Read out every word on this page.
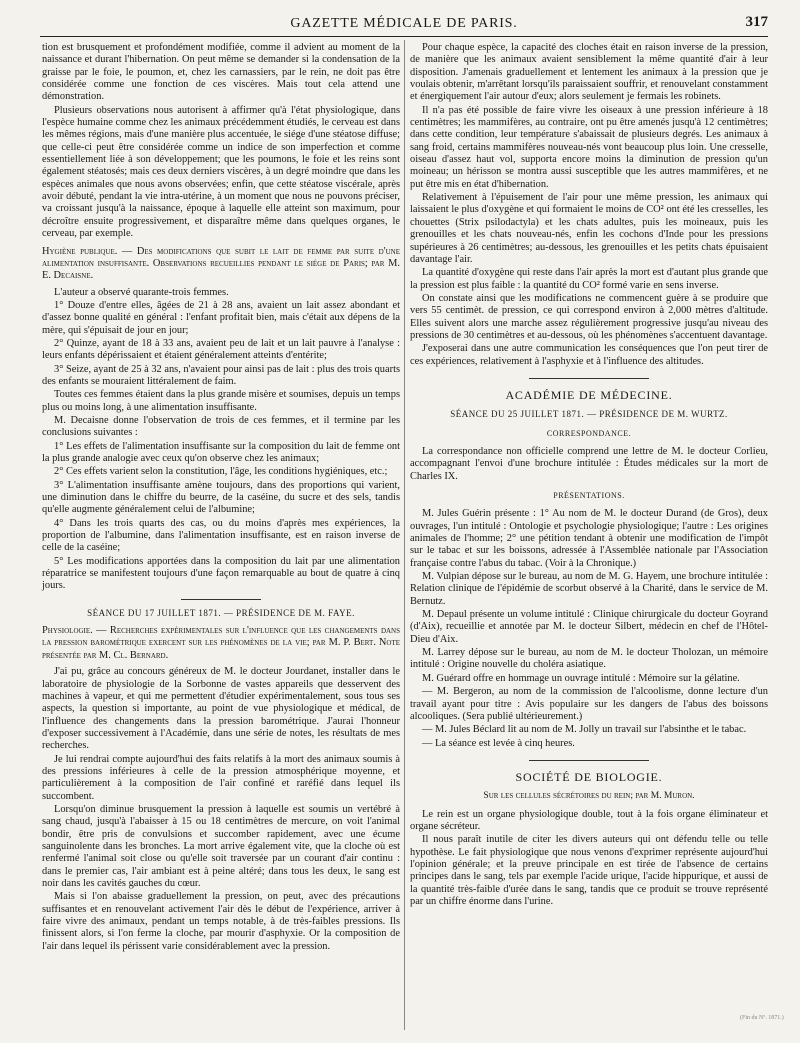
GAZETTE MÉDICALE DE PARIS.	317

tion est brusquement et profondément modifiée, comme il advient au moment de la naissance et durant l'hibernation. On peut même se demander si la condensation de la graisse par le foie, le poumon, et, chez les carnassiers, par le rein, ne doit pas être considérée comme une fonction de ces viscères. Mais tout cela attend une démonstration.

Plusieurs observations nous autorisent à affirmer qu'à l'état physiologique, dans l'espèce humaine comme chez les animaux précédemment étudiés, le cerveau est dans les mêmes régions, mais d'une manière plus accentuée, le siége d'une stéatose diffuse; que celle-ci peut être considérée comme un indice de son imperfection et comme essentiellement liée à son développement; que les poumons, le foie et les reins sont également stéatosés; mais ces deux derniers viscères, à un degré moindre que dans les espèces animales que nous avons observées; enfin, que cette stéatose viscérale, après avoir débuté, pendant la vie intra-utérine, à un moment que nous ne pouvons préciser, va croissant jusqu'à la naissance, époque à laquelle elle atteint son maximum, pour décroître ensuite progressivement, et disparaître même dans quelques organes, le cerveau, par exemple.

Hygiène publique. — Des modifications que subit le lait de femme par suite d'une alimentation insuffisante. Observations recueillies pendant le siége de Paris; par M. E. Decaisne.

L'auteur a observé quarante-trois femmes.

1° Douze d'entre elles, âgées de 21 à 28 ans, avaient un lait assez abondant et d'assez bonne qualité en général : l'enfant profitait bien, mais c'était aux dépens de la mère, qui s'épuisait de jour en jour;

2° Quinze, ayant de 18 à 33 ans, avaient peu de lait et un lait pauvre à l'analyse : leurs enfants dépérissaient et étaient généralement atteints d'entérite;

3° Seize, ayant de 25 à 32 ans, n'avaient pour ainsi pas de lait : plus des trois quarts des enfants se mouraient littéralement de faim.

Toutes ces femmes étaient dans la plus grande misère et soumises, depuis un temps plus ou moins long, à une alimentation insuffisante.

M. Decaisne donne l'observation de trois de ces femmes, et il termine par les conclusions suivantes :

1° Les effets de l'alimentation insuffisante sur la composition du lait de femme ont la plus grande analogie avec ceux qu'on observe chez les animaux;

2° Ces effets varient selon la constitution, l'âge, les conditions hygiéniques, etc.;

3° L'alimentation insuffisante amène toujours, dans des proportions qui varient, une diminution dans le chiffre du beurre, de la caséine, du sucre et des sels, tandis qu'elle augmente généralement celui de l'albumine;

4° Dans les trois quarts des cas, ou du moins d'après mes expériences, la proportion de l'albumine, dans l'alimentation insuffisante, est en raison inverse de celle de la caséine;

5° Les modifications apportées dans la composition du lait par une alimentation réparatrice se manifestent toujours d'une façon remarquable au bout de quatre à cinq jours.

SÉANCE DU 17 JUILLET 1871. — PRÉSIDENCE DE M. FAYE.

Physiologie. — Recherches expérimentales sur l'influence que les changements dans la pression barométrique exercent sur les phénomènes de la vie; par M. P. Bert. Note présentée par M. Cl. Bernard.

J'ai pu, grâce au concours généreux de M. le docteur Jourdanet, installer dans le laboratoire de physiologie de la Sorbonne de vastes appareils que desservent des machines à vapeur, et qui me permettent d'étudier expérimentalement, sous tous ses aspects, la question si importante, au point de vue physiologique et médical, de l'influence des changements dans la pression barométrique. J'aurai l'honneur d'exposer successivement à l'Académie, dans une série de notes, les résultats de mes recherches.

Je lui rendrai compte aujourd'hui des faits relatifs à la mort des animaux soumis à des pressions inférieures à celle de la pression atmosphérique moyenne, et particulièrement à la composition de l'air confiné et raréfié dans lequel ils succombent.

Lorsqu'on diminue brusquement la pression à laquelle est soumis un vertébré à sang chaud, jusqu'à l'abaisser à 15 ou 18 centimètres de mercure, on voit l'animal bondir, être pris de convulsions et succomber rapidement, avec une écume sanguinolente dans les bronches. La mort arrive également vite, que la cloche où est renfermé l'animal soit close ou qu'elle soit traversée par un courant d'air continu : dans le premier cas, l'air ambiant est à peine altéré; dans tous les deux, le sang est noir dans les cavités gauches du cœur.

Mais si l'on abaisse graduellement la pression, on peut, avec des précautions suffisantes et en renouvelant activement l'air dès le début de l'expérience, arriver à faire vivre des animaux, pendant un temps notable, à de très-faibles pressions. Ils finissent alors, si l'on ferme la cloche, par mourir d'asphyxie. Or la composition de l'air dans lequel ils périssent varie considérablement avec la pression.

Pour chaque espèce, la capacité des cloches était en raison inverse de la pression, de manière que les animaux avaient sensiblement la même quantité d'air à leur disposition. J'amenais graduellement et lentement les animaux à la pression que je voulais obtenir, m'arrêtant lorsqu'ils paraissaient souffrir, et renouvelant constamment et énergiquement l'air autour d'eux; alors seulement je fermais les robinets.

Il n'a pas été possible de faire vivre les oiseaux à une pression inférieure à 18 centimètres; les mammifères, au contraire, ont pu être amenés jusqu'à 12 centimètres; dans cette condition, leur température s'abaissait de plusieurs degrés. Les animaux à sang froid, certains mammifères nouveau-nés vont beaucoup plus loin. Une cresselle, oiseau d'assez haut vol, supporta encore moins la diminution de pression qu'un moineau; un hérisson se montra aussi susceptible que les autres mammifères, et ne put être mis en état d'hibernation.

Relativement à l'épuisement de l'air pour une même pression, les animaux qui laissaient le plus d'oxygène et qui formaient le moins de CO² ont été les cresselles, les chouettes (Strix psilodactyla) et les chats adultes, puis les moineaux, puis les grenouilles et les chats nouveau-nés, enfin les cochons d'Inde pour les pressions supérieures à 26 centimètres; au-dessous, les grenouilles et les petits chats épuisaient davantage l'air.

La quantité d'oxygène qui reste dans l'air après la mort est d'autant plus grande que la pression est plus faible : la quantité du CO² formé varie en sens inverse.

On constate ainsi que les modifications ne commencent guère à se produire que vers 55 centimèt. de pression, ce qui correspond environ à 2,000 mètres d'altitude. Elles suivent alors une marche assez régulièrement progressive jusqu'au niveau des pressions de 30 centimètres et au-dessous, où les phénomènes s'accentuent davantage.

J'exposerai dans une autre communication les conséquences que l'on peut tirer de ces expériences, relativement à l'asphyxie et à l'influence des altitudes.

ACADÉMIE DE MÉDECINE.

SÉANCE DU 25 JUILLET 1871. — PRÉSIDENCE DE M. WURTZ.

CORRESPONDANCE.

La correspondance non officielle comprend une lettre de M. le docteur Corlieu, accompagnant l'envoi d'une brochure intitulée : Études médicales sur la mort de Charles IX.

PRÉSENTATIONS.

M. Jules Guérin présente : 1° Au nom de M. le docteur Durand (de Gros), deux ouvrages, l'un intitulé : Ontologie et psychologie physiologique; l'autre : Les origines animales de l'homme; 2° une pétition tendant à obtenir une modification de l'impôt sur le tabac et sur les boissons, adressée à l'Assemblée nationale par l'Association française contre l'abus du tabac. (Voir à la Chronique.)

M. Vulpian dépose sur le bureau, au nom de M. G. Hayem, une brochure intitulée : Relation clinique de l'épidémie de scorbut observé à la Charité, dans le service de M. Bernutz.

M. Depaul présente un volume intitulé : Clinique chirurgicale du docteur Goyrand (d'Aix), recueillie et annotée par M. le docteur Silbert, médecin en chef de l'Hôtel-Dieu d'Aix.

M. Larrey dépose sur le bureau, au nom de M. le docteur Tholozan, un mémoire intitulé : Origine nouvelle du choléra asiatique.

M. Guérard offre en hommage un ouvrage intitulé : Mémoire sur la gélatine.

— M. Bergeron, au nom de la commission de l'alcoolisme, donne lecture d'un travail ayant pour titre : Avis populaire sur les dangers de l'abus des boissons alcooliques. (Sera publié ultérieurement.)

— M. Jules Béclard lit au nom de M. Jolly un travail sur l'absinthe et le tabac.

— La séance est levée à cinq heures.

SOCIÉTÉ DE BIOLOGIE.

Sur les cellules sécrétoires du rein; par M. Muron.

Le rein est un organe physiologique double, tout à la fois organe éliminateur et organe sécréteur.

Il nous paraît inutile de citer les divers auteurs qui ont défendu telle ou telle hypothèse. Le fait physiologique que nous venons d'exprimer représente aujourd'hui l'opinion générale; et la preuve principale en est tirée de l'absence de certains principes dans le sang, tels par exemple l'acide urique, l'acide hippurique, et aussi de la quantité très-faible d'urée dans le sang, tandis que ce produit se trouve représenté par un chiffre énorme dans l'urine.

(Fin du Nº. 1871.)
